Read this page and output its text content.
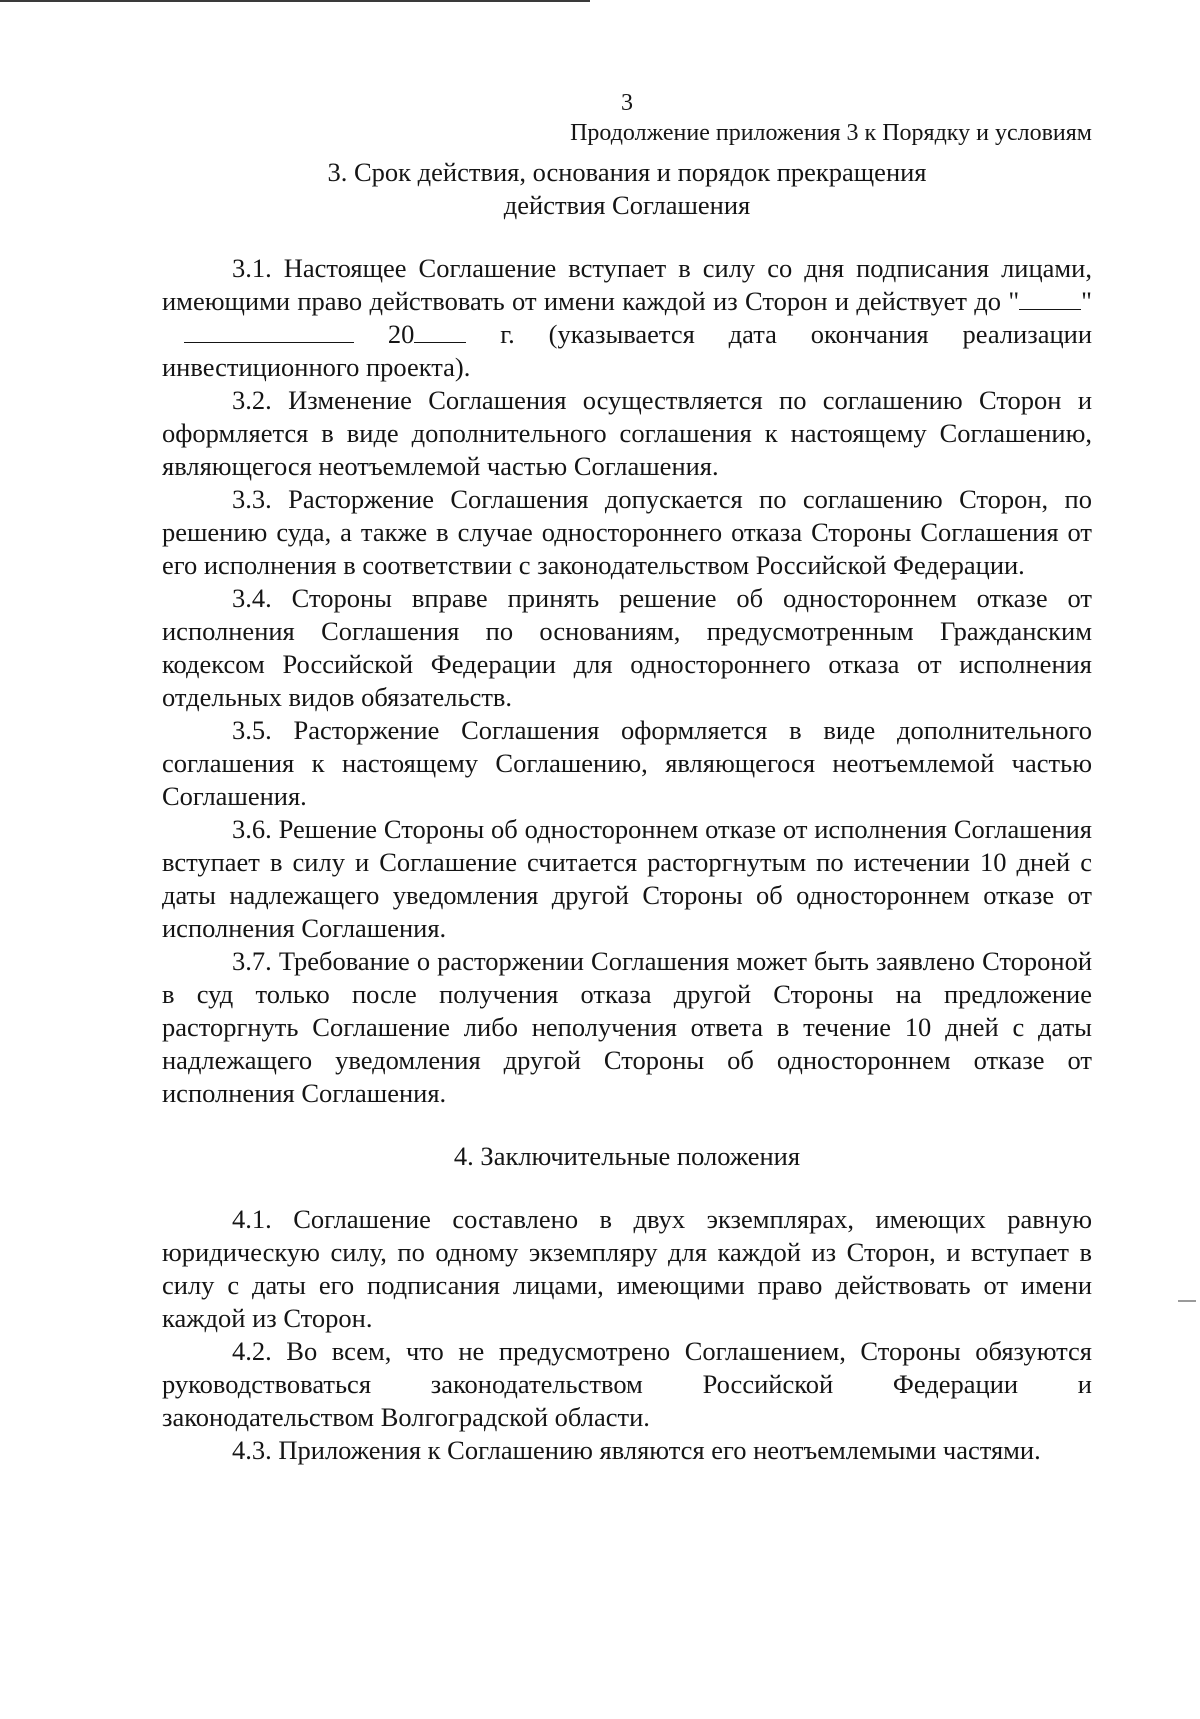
3
Продолжение приложения 3 к Порядку и условиям
3. Срок действия, основания и порядок прекращения
действия Соглашения

3.1. Настоящее Соглашение вступает в силу со дня подписания лицами, имеющими право действовать от имени каждой из Сторон и действует до " " 20	г. (указывается дата окончания реализации инвестиционного проекта).

3.2. Изменение Соглашения осуществляется по соглашению Сторон и оформляется в виде дополнительного соглашения к настоящему Соглашению, являющегося неотъемлемой частью Соглашения.

3.3. Расторжение Соглашения допускается по соглашению Сторон, по решению суда, а также в случае одностороннего отказа Стороны Соглашения от его исполнения в соответствии с законодательством Российской Федерации.

3.4. Стороны вправе принять решение об одностороннем отказе от исполнения Соглашения по основаниям, предусмотренным Гражданским кодексом Российской Федерации для одностороннего отказа от исполнения отдельных видов обязательств.

3.5. Расторжение Соглашения оформляется в виде дополнительного соглашения к настоящему Соглашению, являющегося неотъемлемой частью Соглашения.

3.6. Решение Стороны об одностороннем отказе от исполнения Соглашения вступает в силу и Соглашение считается расторгнутым по истечении 10 дней с даты надлежащего уведомления другой Стороны об одностороннем отказе от исполнения Соглашения.

3.7. Требование о расторжении Соглашения может быть заявлено Стороной в суд только после получения отказа другой Стороны на предложение расторгнуть Соглашение либо неполучения ответа в течение 10 дней с даты надлежащего уведомления другой Стороны об одностороннем отказе от исполнения Соглашения.

4. Заключительные положения

4.1. Соглашение составлено в двух экземплярах, имеющих равную юридическую силу, по одному экземпляру для каждой из Сторон, и вступает в силу с даты его подписания лицами, имеющими право действовать от имени каждой из Сторон.

4.2. Во всем, что не предусмотрено Соглашением, Стороны обязуются руководствоваться законодательством Российской Федерации и законодательством Волгоградской области.

4.3. Приложения к Соглашению являются его неотъемлемыми частями.
